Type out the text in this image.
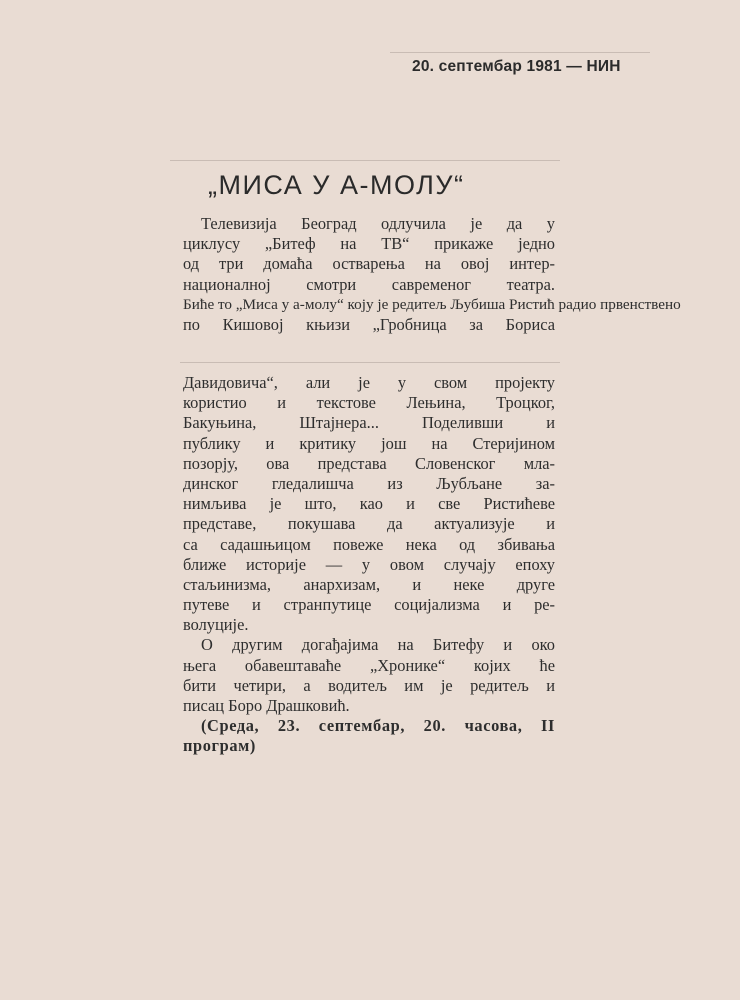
20. септембар 1981 — НИН
„МИСА У А-МОЛУ“
Телевизија Београд одлучила је да у
циклусу „Битеф на ТВ“ прикаже једно
од три домаћа остварења на овој интер-
националној смотри савременог театра.
Биће то „Миса у а-молу“ коју је редитељ Љубиша Ристић радио првенствено
по Кишовој књизи „Гробница за Бориса
Давидовича“, али је у свом пројекту
користио и текстове Лењина, Троцког,
Бакуњина, Штајнера... Поделивши и
публику и критику још на Стеријином
позорју, ова представа Словенског мла-
динског гледалишча из Љубљане за-
нимљива је што, као и све Ристићеве
представе, покушава да актуализује и
са садашњицом повеже нека од збивања
ближе историје — у овом случају епоху
стаљинизма, анархизам, и неке друге
путеве и странпутице социјализма и ре-
волуције.
О другим догађајима на Битефу и око
њега обавештаваће „Хронике“ којих ће
бити четири, а водитељ им је редитељ и
писац Боро Драшковић.
(Среда, 23. септембар, 20. часова, II
програм)
